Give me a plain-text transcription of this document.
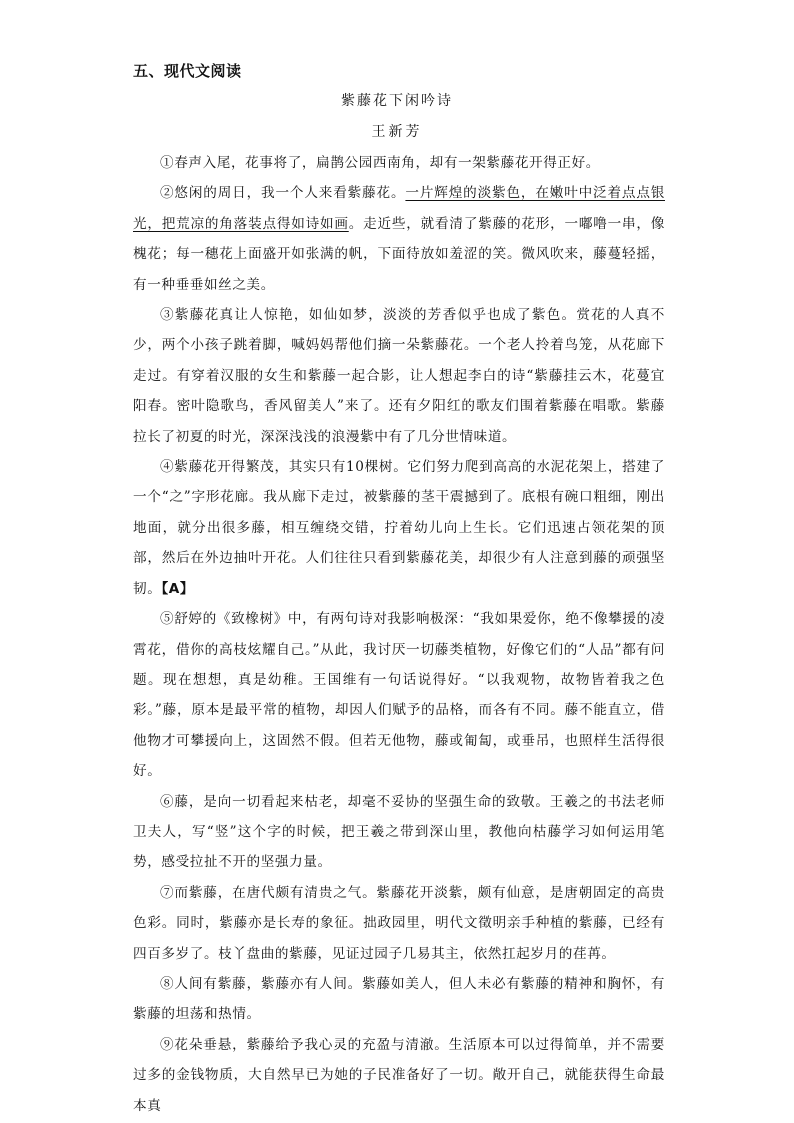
五、现代文阅读
紫藤花下闲吟诗
王新芳

①春声入尾，花事将了，扁鹊公园西南角，却有一架紫藤花开得正好。

②悠闲的周日，我一个人来看紫藤花。一片辉煌的淡紫色，在嫩叶中泛着点点银光，把荒凉的角落装点得如诗如画。走近些，就看清了紫藤的花形，一嘟噜一串，像槐花；每一穗花上面盛开如张满的帆，下面待放如羞涩的笑。微风吹来，藤蔓轻摇，有一种垂垂如丝之美。

③紫藤花真让人惊艳，如仙如梦，淡淡的芳香似乎也成了紫色。赏花的人真不少，两个小孩子跳着脚，喊妈妈帮他们摘一朵紫藤花。一个老人拎着鸟笼，从花廊下走过。有穿着汉服的女生和紫藤一起合影，让人想起李白的诗“紫藤挂云木，花蔓宜阳春。密叶隐歌鸟，香风留美人”来了。还有夕阳红的歌友们围着紫藤在唱歌。紫藤拉长了初夏的时光，深深浅浅的浪漫紫中有了几分世情味道。

④紫藤花开得繁茂，其实只有10棵树。它们努力爬到高高的水泥花架上，搭建了一个“之”字形花廊。我从廊下走过，被紫藤的茎干震撼到了。底根有碗口粗细，刚出地面，就分出很多藤，相互缠绕交错，拧着幼儿向上生长。它们迅速占领花架的顶部，然后在外边抽叶开花。人们往往只看到紫藤花美，却很少有人注意到藤的顽强坚韧。【A】

⑤舒婷的《致橡树》中，有两句诗对我影响极深：“我如果爱你，绝不像攀援的凌霄花，借你的高枝炫耀自己。”从此，我讨厌一切藤类植物，好像它们的“人品”都有问题。现在想想，真是幼稚。王国维有一句话说得好。“以我观物，故物皆着我之色彩。”藤，原本是最平常的植物，却因人们赋予的品格，而各有不同。藤不能直立，借他物才可攀援向上，这固然不假。但若无他物，藤或匍匐，或垂吊，也照样生活得很好。

⑥藤，是向一切看起来枯老，却毫不妥协的坚强生命的致敬。王羲之的书法老师卫夫人，写“竖”这个字的时候，把王羲之带到深山里，教他向枯藤学习如何运用笔势，感受拉扯不开的坚强力量。

⑦而紫藤，在唐代颇有清贵之气。紫藤花开淡紫，颇有仙意，是唐朝固定的高贵色彩。同时，紫藤亦是长寿的象征。拙政园里，明代文徵明亲手种植的紫藤，已经有四百多岁了。枝丫盘曲的紫藤，见证过园子几易其主，依然扛起岁月的荏苒。

⑧人间有紫藤，紫藤亦有人间。紫藤如美人，但人未必有紫藤的精神和胸怀，有紫藤的坦荡和热情。

⑨花朵垂悬，紫藤给予我心灵的充盈与清澈。生活原本可以过得简单，并不需要过多的金钱物质，大自然早已为她的子民准备好了一切。敞开自己，就能获得生命最本真
